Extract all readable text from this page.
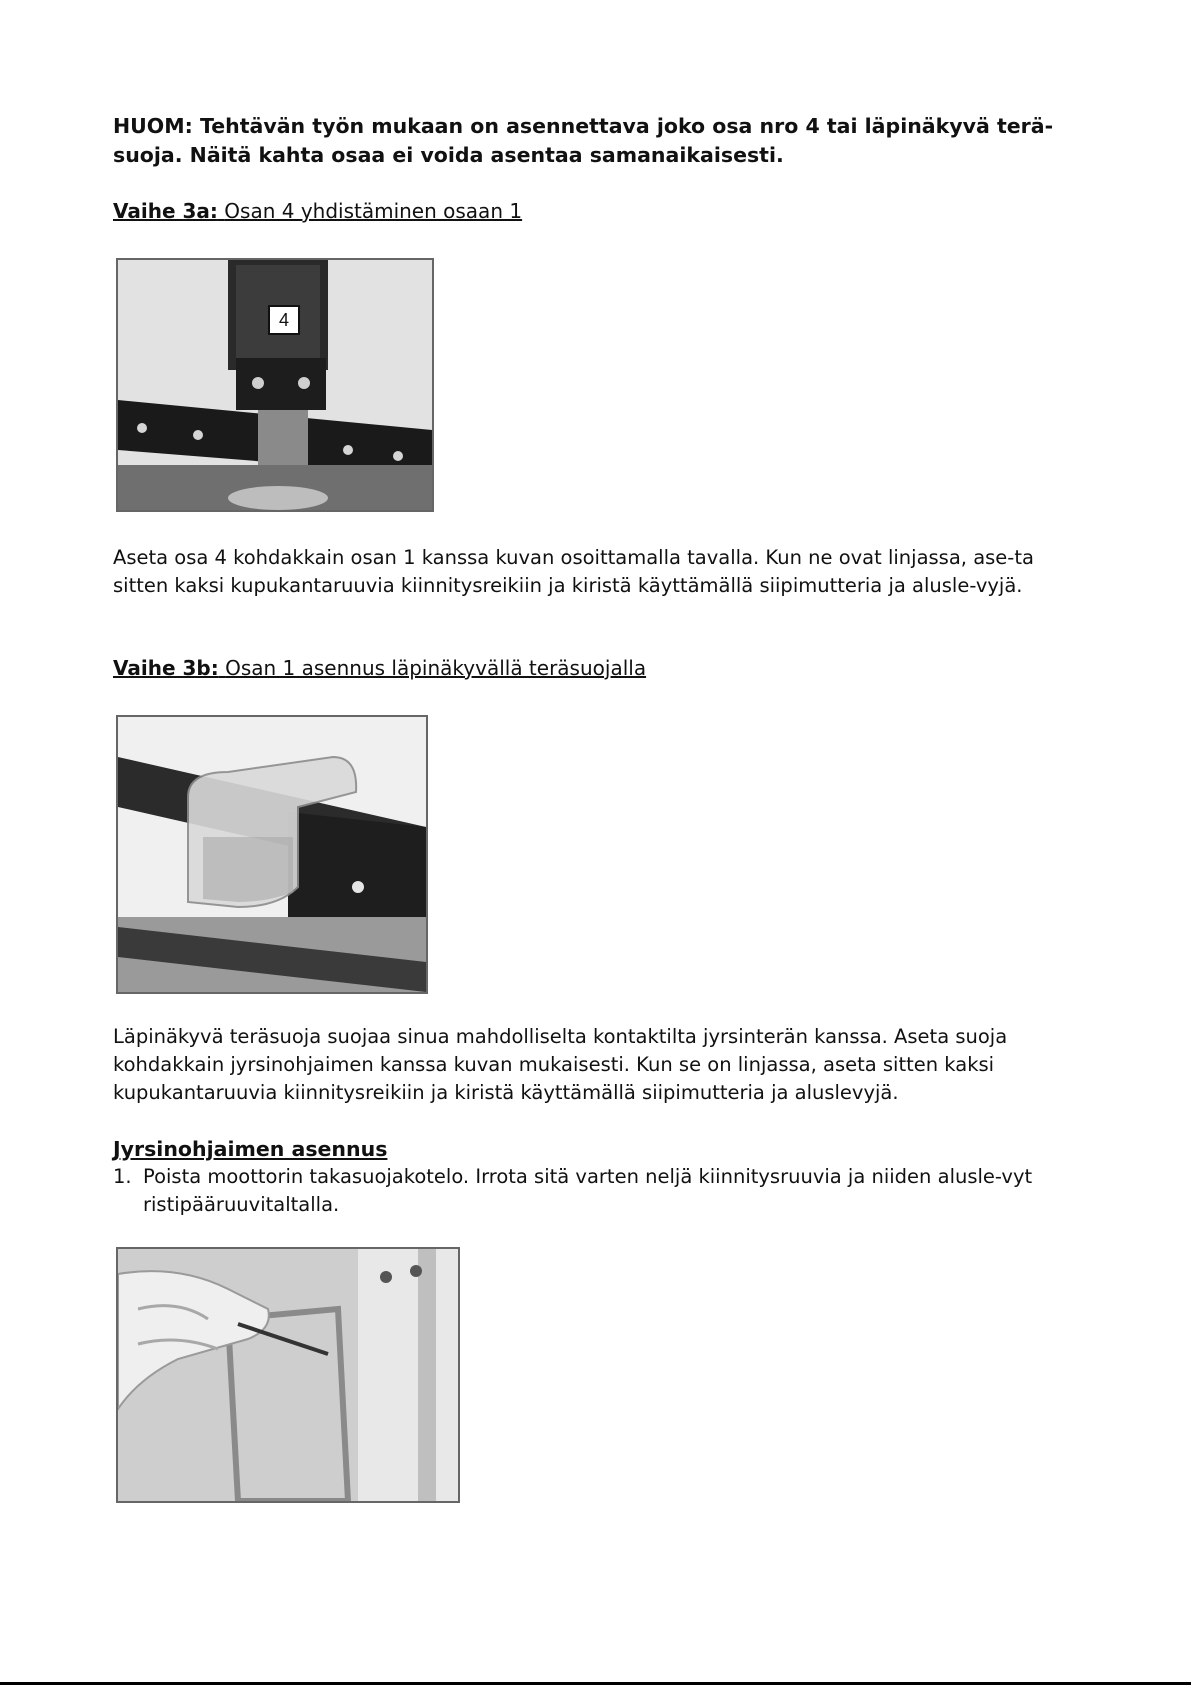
HUOM: Tehtävän työn mukaan on asennettava joko osa nro 4 tai läpinäkyvä terä-suoja. Näitä kahta osaa ei voida asentaa samanaikaisesti.

Vaihe 3a: Osan 4 yhdistäminen osaan 1

4

Aseta osa 4 kohdakkain osan 1 kanssa kuvan osoittamalla tavalla. Kun ne ovat linjassa, ase-ta sitten kaksi kupukantaruuvia kiinnitysreikiin ja kiristä käyttämällä siipimutteria ja alusle-vyjä.

Vaihe 3b: Osan 1 asennus läpinäkyvällä teräsuojalla

Läpinäkyvä teräsuoja suojaa sinua mahdolliselta kontaktilta jyrsinterän kanssa. Aseta suoja kohdakkain jyrsinohjaimen kanssa kuvan mukaisesti. Kun se on linjassa, aseta sitten kaksi kupukantaruuvia kiinnitysreikiin ja kiristä käyttämällä siipimutteria ja aluslevyjä.

Jyrsinohjaimen asennus

1. Poista moottorin takasuojakotelo. Irrota sitä varten neljä kiinnitysruuvia ja niiden alusle-vyt ristipääruuvitaltalla.
